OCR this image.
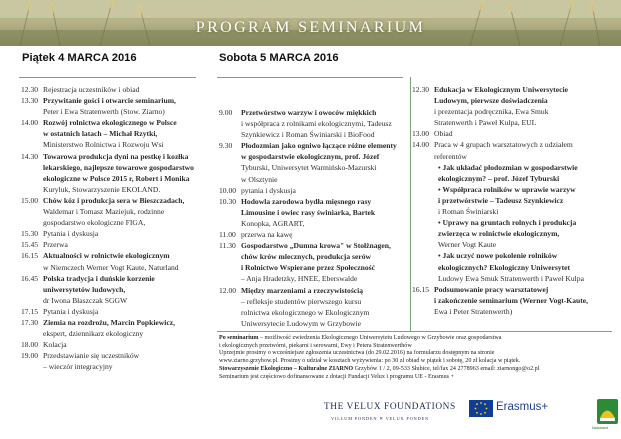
PROGRAM SEMINARIUM
Piątek 4 MARCA 2016	Sobota 5 MARCA 2016
12.30 Rejestracja uczestników i obiad
13.30 Przywitanie gości i otwarcie seminarium,
Peter i Ewa Stratenwerth (Stow. Ziarno)
14.00 Rozwój rolnictwa ekologicznego w Polsce
w ostatnich latach – Michał Rzytki,
Ministerstwo Rolnictwa i Rozwoju Wsi
14.30 Towarowa produkcja dyni na pestkę i kozłka
lekarskiego, najlepsze towarowe gospodarstwo
ekologiczne w Polsce 2015 r, Robert i Monika
Kuryluk, Stowarzyszenie EKOLAND.
15.00 Chów kóz i produkcja sera w Bieszczadach,
Waldemar i Tomasz Maziejuk, rodzinne
gospodarstwo ekologiczne FIGA,
15.30 Pytania i dyskusja
15.45 Przerwa
16.15 Aktualności w rolnictwie ekologicznym
w Niemczech Werner Vogt Kaute, Naturland
16.45 Polska tradycja i duńskie korzenie
uniwersytetów ludowych,
dr Iwona Błaszczak SGGW
17.15 Pytania i dyskusja
17.30 Ziemia na rozdrożu, Marcin Popkiewicz,
ekspert, dziennikarz ekologiczny
18.00 Kolacja
19.00 Przedstawianie się uczestników
– wieczór integracyjny
9.00	Przetwórstwo warzyw i owoców miękkich
i współpraca z rolnikami ekologicznymi, Tadeusz
Szynkiewicz i Roman Świniarski i BioFood
9.30	Płodozmian jako ogniwo łączące różne elementy
w gospodarstwie ekologicznym, prof. Józef
Tyburski, Uniwersytet Warmińsko-Mazurski
w Olsztynie
10.00 pytania i dyskusja
10.30 Hodowla zarodowa bydła mięsnego rasy
Limousine i owiec rasy świniarka, Bartek
Konopka, AGRART,
11.00 przerwa na kawę
11.30 Gospodarstwo „Dumna krowa" w Stołżnagen,
chów krów mlecznych, produkcja serów
i Rolnictwo Wspierane przez Społeczność
– Anja Hradetzky, HNEE, Eberswalde
12.00 Między marzeniami a rzeczywistością
– refleksje studentów pierwszego kursu
rolnictwa ekologicznego w Ekologicznym
Uniwersytecie Ludowym w Grzybowie
12.30 Edukacja w Ekologicznym Uniwersytecie
Ludowym, pierwsze doświadczenia
i prezentacja podręcznika, Ewa Smuk
Stratenwerth i Paweł Kulpa, EUL
13.00 Obiad
14.00 Praca w 4 grupach warsztatowych z udziałem
referentów
• Jak układać płodozmian w gospodarstwie
ekologicznym? – prof. Józef Tyburski
• Współpraca rolników w uprawie warzyw
i przetwórstwie – Tadeusz Szynkiewicz
i Roman Świniarski
• Uprawy na gruntach rolnych i produkcja
zwierzęca w rolnictwie ekologicznym,
Werner Vogt Kaute
• Jak uczyć nowe pokolenie rolników
ekologicznych? Ekologiczny Uniwersytet
Ludowy Ewa Smuk Stratenwerth i Paweł Kulpa
16.15 Podsumowanie pracy warsztatowej
i zakończenie seminarium (Werner Vogt-Kaute,
Ewa i Peter Stratenwerth)
Po seminarium – możliwość zwiedzenia Ekologicznego Uniwersytetu Ludowego w Grzybowie oraz gospodarstwa
i ekologicznych przetwórni, piekarni i serowarni, Ewy i Petera Stratenwerthów
Uprzejmie prosimy o wcześniejsze zgłoszenia uczestnictwa (do 29.02.2016) na formularzu dostępnym na stronie
www.ziarno.grzybow.pl. Prosimy o udział w kosztach wyżywienia: po 30 zł obiad w piątek i sobotę, 20 zł kolacja w piątek.
Stowarzyszenie Ekologiczno – Kulturalne ZIARNO Grzybów 1 / 2, 09-533 Słubice, tel/fax 24 2778963 email: ziarnongo@o2.pl
Seminarium jest częściowo dofinansowane z dotacji Fundacji Velux i programu UE - Erasmus +
THE VELUX FOUNDATIONS
VILLUM FONDEN ✕ VELUX FONDEN
Erasmus+
Naturland
